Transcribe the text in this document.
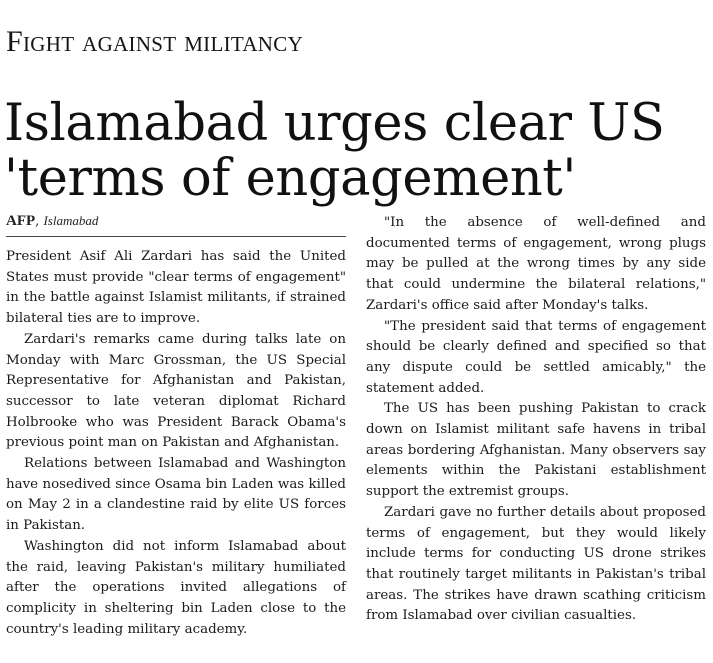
Fight against militancy
Islamabad urges clear US 'terms of engagement'
AFP, Islamabad

President Asif Ali Zardari has said the United States must provide "clear terms of engagement" in the battle against Islamist militants, if strained bilateral ties are to improve.

Zardari's remarks came during talks late on Monday with Marc Grossman, the US Special Representative for Afghanistan and Pakistan, successor to late veteran diplomat Richard Holbrooke who was President Barack Obama's previous point man on Pakistan and Afghanistan.

Relations between Islamabad and Washington have nosedived since Osama bin Laden was killed on May 2 in a clandestine raid by elite US forces in Pakistan.

Washington did not inform Islamabad about the raid, leaving Pakistan's military humiliated after the operations invited allegations of complicity in sheltering bin Laden close to the country's leading military academy.

"In the absence of well-defined and documented terms of engagement, wrong plugs may be pulled at the wrong times by any side that could undermine the bilateral relations," Zardari's office said after Monday's talks.

"The president said that terms of engagement should be clearly defined and specified so that any dispute could be settled amicably," the statement added.

The US has been pushing Pakistan to crack down on Islamist militant safe havens in tribal areas bordering Afghanistan. Many observers say elements within the Pakistani establishment support the extremist groups.

Zardari gave no further details about proposed terms of engagement, but they would likely include terms for conducting US drone strikes that routinely target militants in Pakistan's tribal areas. The strikes have drawn scathing criticism from Islamabad over civilian casualties.
